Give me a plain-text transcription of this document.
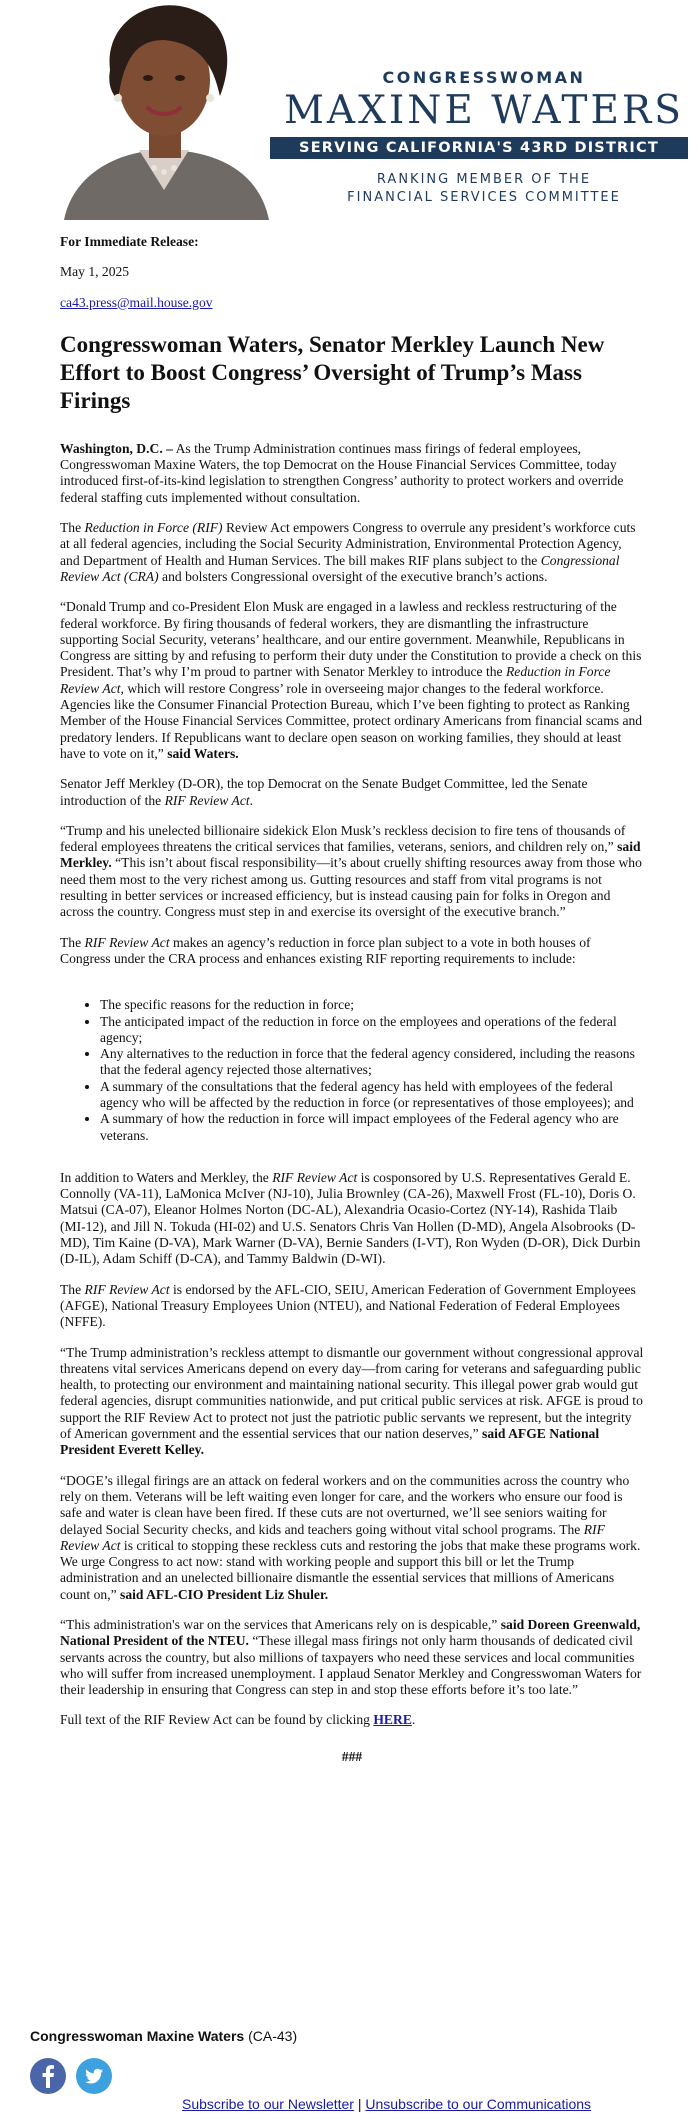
CONGRESSWOMAN
MAXINE WATERS
SERVING CALIFORNIA'S 43RD DISTRICT
RANKING MEMBER OF THE
FINANCIAL SERVICES COMMITTEE

For Immediate Release:

May 1, 2025

ca43.press@mail.house.gov
Congresswoman Waters, Senator Merkley Launch New Effort to Boost Congress’ Oversight of Trump’s Mass Firings

Washington, D.C. – As the Trump Administration continues mass firings of federal employees, Congresswoman Maxine Waters, the top Democrat on the House Financial Services Committee, today introduced first-of-its-kind legislation to strengthen Congress’ authority to protect workers and override federal staffing cuts implemented without consultation.

The Reduction in Force (RIF) Review Act empowers Congress to overrule any president’s workforce cuts at all federal agencies, including the Social Security Administration, Environmental Protection Agency, and Department of Health and Human Services. The bill makes RIF plans subject to the Congressional Review Act (CRA) and bolsters Congressional oversight of the executive branch’s actions.

“Donald Trump and co-President Elon Musk are engaged in a lawless and reckless restructuring of the federal workforce. By firing thousands of federal workers, they are dismantling the infrastructure supporting Social Security, veterans’ healthcare, and our entire government. Meanwhile, Republicans in Congress are sitting by and refusing to perform their duty under the Constitution to provide a check on this President. That’s why I’m proud to partner with Senator Merkley to introduce the Reduction in Force Review Act, which will restore Congress’ role in overseeing major changes to the federal workforce. Agencies like the Consumer Financial Protection Bureau, which I’ve been fighting to protect as Ranking Member of the House Financial Services Committee, protect ordinary Americans from financial scams and predatory lenders. If Republicans want to declare open season on working families, they should at least have to vote on it,” said Waters.

Senator Jeff Merkley (D-OR), the top Democrat on the Senate Budget Committee, led the Senate introduction of the RIF Review Act.

“Trump and his unelected billionaire sidekick Elon Musk’s reckless decision to fire tens of thousands of federal employees threatens the critical services that families, veterans, seniors, and children rely on,” said Merkley. “This isn’t about fiscal responsibility—it’s about cruelly shifting resources away from those who need them most to the very richest among us. Gutting resources and staff from vital programs is not resulting in better services or increased efficiency, but is instead causing pain for folks in Oregon and across the country. Congress must step in and exercise its oversight of the executive branch.”

The RIF Review Act makes an agency’s reduction in force plan subject to a vote in both houses of Congress under the CRA process and enhances existing RIF reporting requirements to include:

• The specific reasons for the reduction in force;
• The anticipated impact of the reduction in force on the employees and operations of the federal agency;
• Any alternatives to the reduction in force that the federal agency considered, including the reasons that the federal agency rejected those alternatives;
• A summary of the consultations that the federal agency has held with employees of the federal agency who will be affected by the reduction in force (or representatives of those employees); and
• A summary of how the reduction in force will impact employees of the Federal agency who are veterans.

In addition to Waters and Merkley, the RIF Review Act is cosponsored by U.S. Representatives Gerald E. Connolly (VA-11), LaMonica McIver (NJ-10), Julia Brownley (CA-26), Maxwell Frost (FL-10), Doris O. Matsui (CA-07), Eleanor Holmes Norton (DC-AL), Alexandria Ocasio-Cortez (NY-14), Rashida Tlaib (MI-12), and Jill N. Tokuda (HI-02) and U.S. Senators Chris Van Hollen (D-MD), Angela Alsobrooks (D-MD), Tim Kaine (D-VA), Mark Warner (D-VA), Bernie Sanders (I-VT), Ron Wyden (D-OR), Dick Durbin (D-IL), Adam Schiff (D-CA), and Tammy Baldwin (D-WI).

The RIF Review Act is endorsed by the AFL-CIO, SEIU, American Federation of Government Employees (AFGE), National Treasury Employees Union (NTEU), and National Federation of Federal Employees (NFFE).

“The Trump administration’s reckless attempt to dismantle our government without congressional approval threatens vital services Americans depend on every day—from caring for veterans and safeguarding public health, to protecting our environment and maintaining national security. This illegal power grab would gut federal agencies, disrupt communities nationwide, and put critical public services at risk. AFGE is proud to support the RIF Review Act to protect not just the patriotic public servants we represent, but the integrity of American government and the essential services that our nation deserves,” said AFGE National President Everett Kelley.

“DOGE’s illegal firings are an attack on federal workers and on the communities across the country who rely on them. Veterans will be left waiting even longer for care, and the workers who ensure our food is safe and water is clean have been fired. If these cuts are not overturned, we’ll see seniors waiting for delayed Social Security checks, and kids and teachers going without vital school programs. The RIF Review Act is critical to stopping these reckless cuts and restoring the jobs that make these programs work. We urge Congress to act now: stand with working people and support this bill or let the Trump administration and an unelected billionaire dismantle the essential services that millions of Americans count on,” said AFL-CIO President Liz Shuler.

“This administration's war on the services that Americans rely on is despicable,” said Doreen Greenwald, National President of the NTEU. “These illegal mass firings not only harm thousands of dedicated civil servants across the country, but also millions of taxpayers who need these services and local communities who will suffer from increased unemployment. I applaud Senator Merkley and Congresswoman Waters for their leadership in ensuring that Congress can step in and stop these efforts before it’s too late.”

Full text of the RIF Review Act can be found by clicking HERE.

###
Congresswoman Maxine Waters (CA-43)

Subscribe to our Newsletter | Unsubscribe to our Communications
